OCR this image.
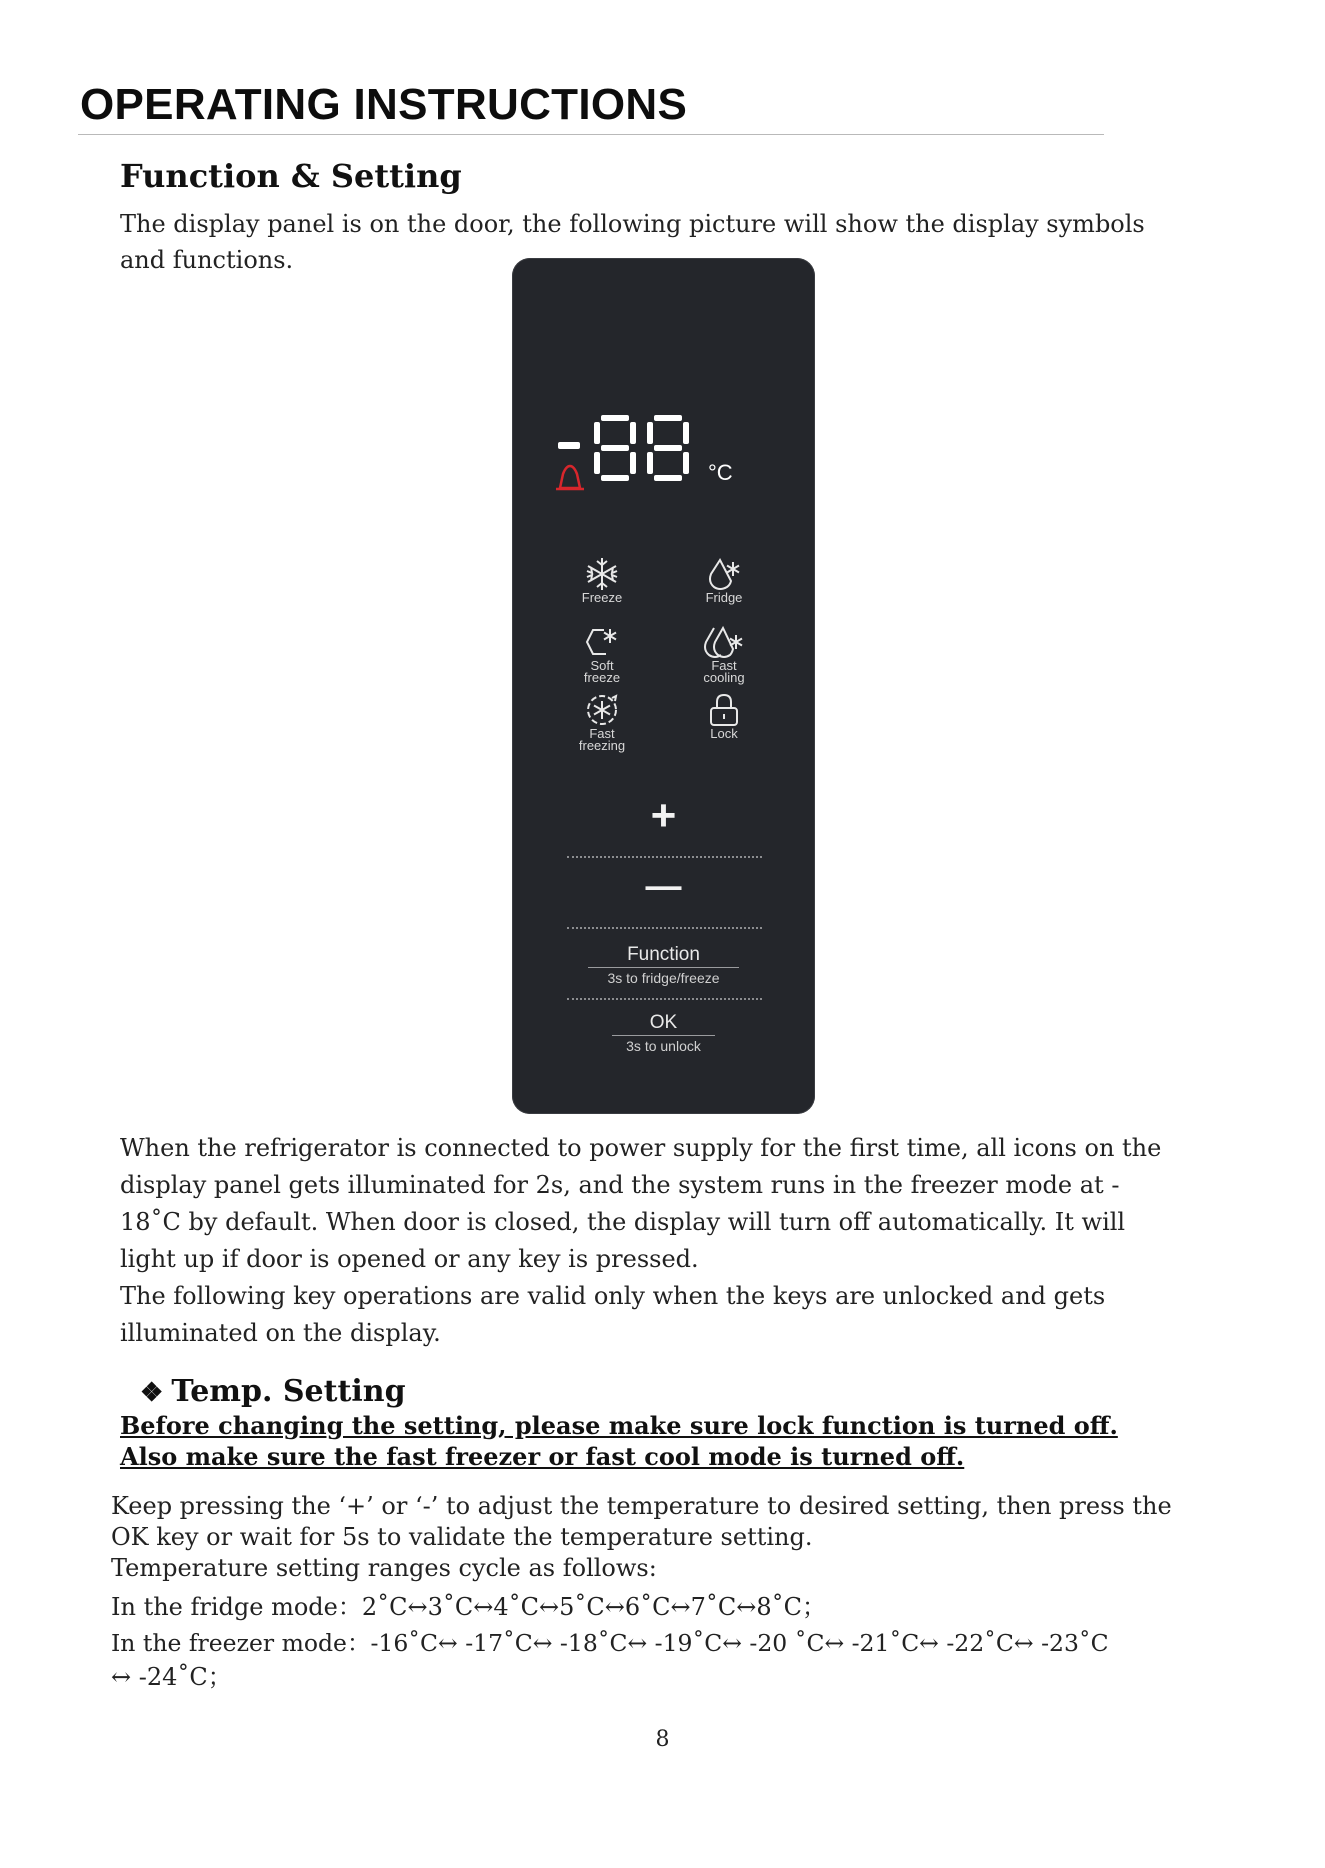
OPERATING INSTRUCTIONS
Function & Setting

The display panel is on the door, the following picture will show the display symbols

and functions.

°C
Freeze	Fridge
Soft
freeze
Fast
cooling
Fast
freezing
Lock
+
—
Function
3s to fridge/freeze
OK
3s to unlock

When the refrigerator is connected to power supply for the first time, all icons on the

display panel gets illuminated for 2s, and the system runs in the freezer mode at -

18˚C by default. When door is closed, the display will turn off automatically. It will

light up if door is opened or any key is pressed.

The following key operations are valid only when the keys are unlocked and gets

illuminated on the display.

❖ Temp. Setting

Before changing the setting, please make sure lock function is turned off.

Also make sure the fast freezer or fast cool mode is turned off.

Keep pressing the ‘+’ or ‘-’ to adjust the temperature to desired setting, then press the

OK key or wait for 5s to validate the temperature setting.

Temperature setting ranges cycle as follows:

In the fridge mode：2˚C↔3˚C↔4˚C↔5˚C↔6˚C↔7˚C↔8˚C；

In the freezer mode：-16˚C↔ -17˚C↔ -18˚C↔ -19˚C↔ -20 ˚C↔ -21˚C↔ -22˚C↔ -23˚C

↔ -24˚C；

8
